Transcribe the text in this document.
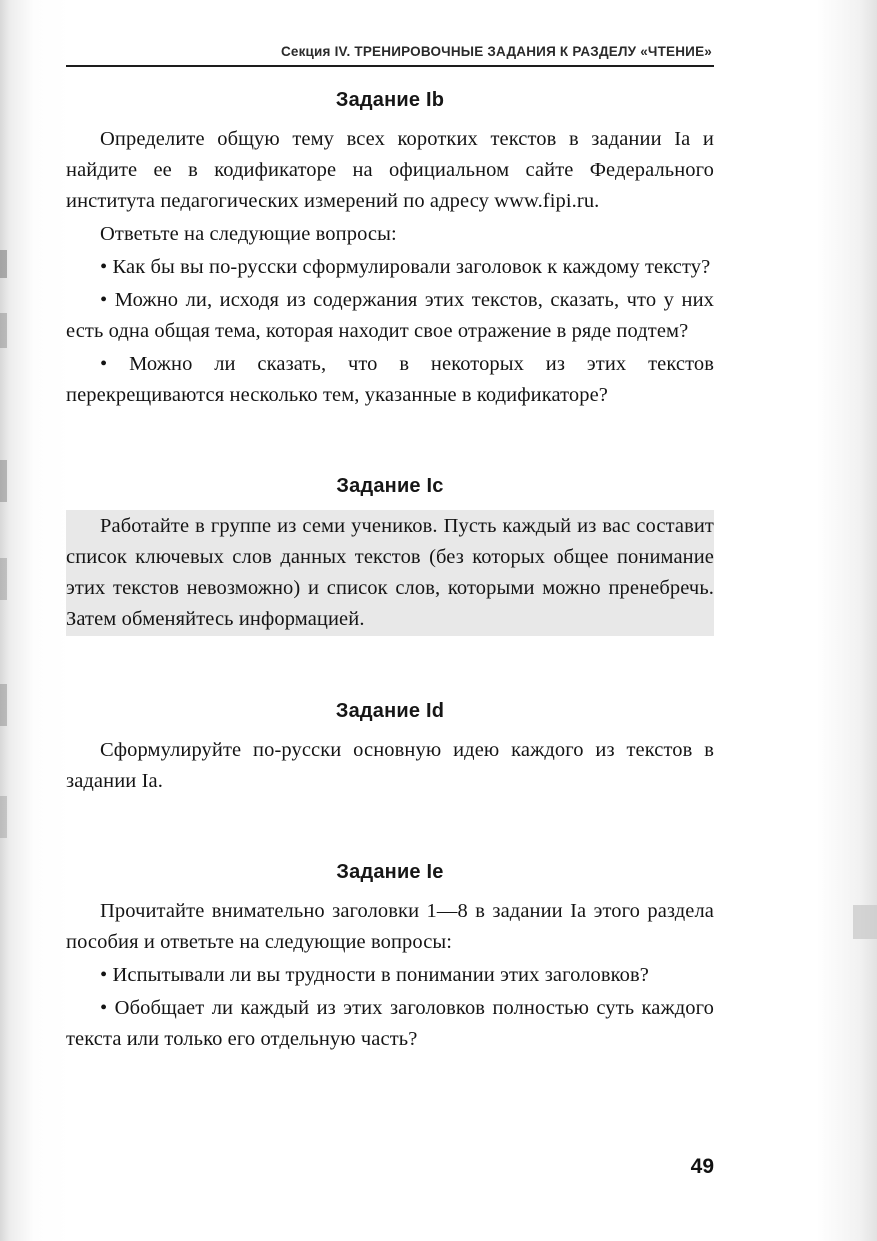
Секция IV. ТРЕНИРОВОЧНЫЕ ЗАДАНИЯ К РАЗДЕЛУ «ЧТЕНИЕ»
Задание Ib

Определите общую тему всех коротких текстов в задании Iа и найдите ее в кодификаторе на официальном сайте Федерального института педагогических измерений по адресу www.fipi.ru.

Ответьте на следующие вопросы:

• Как бы вы по-русски сформулировали заголовок к каждому тексту?

• Можно ли, исходя из содержания этих текстов, сказать, что у них есть одна общая тема, которая находит свое отражение в ряде подтем?

• Можно ли сказать, что в некоторых из этих текстов перекрещиваются несколько тем, указанные в кодификаторе?

Задание Ic

Работайте в группе из семи учеников. Пусть каждый из вас составит список ключевых слов данных текстов (без которых общее понимание этих текстов невозможно) и список слов, которыми можно пренебречь. Затем обменяйтесь информацией.

Задание Id

Сформулируйте по-русски основную идею каждого из текстов в задании Iа.

Задание Iе

Прочитайте внимательно заголовки 1—8 в задании Iа этого раздела пособия и ответьте на следующие вопросы:

• Испытывали ли вы трудности в понимании этих заголовков?

• Обобщает ли каждый из этих заголовков полностью суть каждого текста или только его отдельную часть?

49
